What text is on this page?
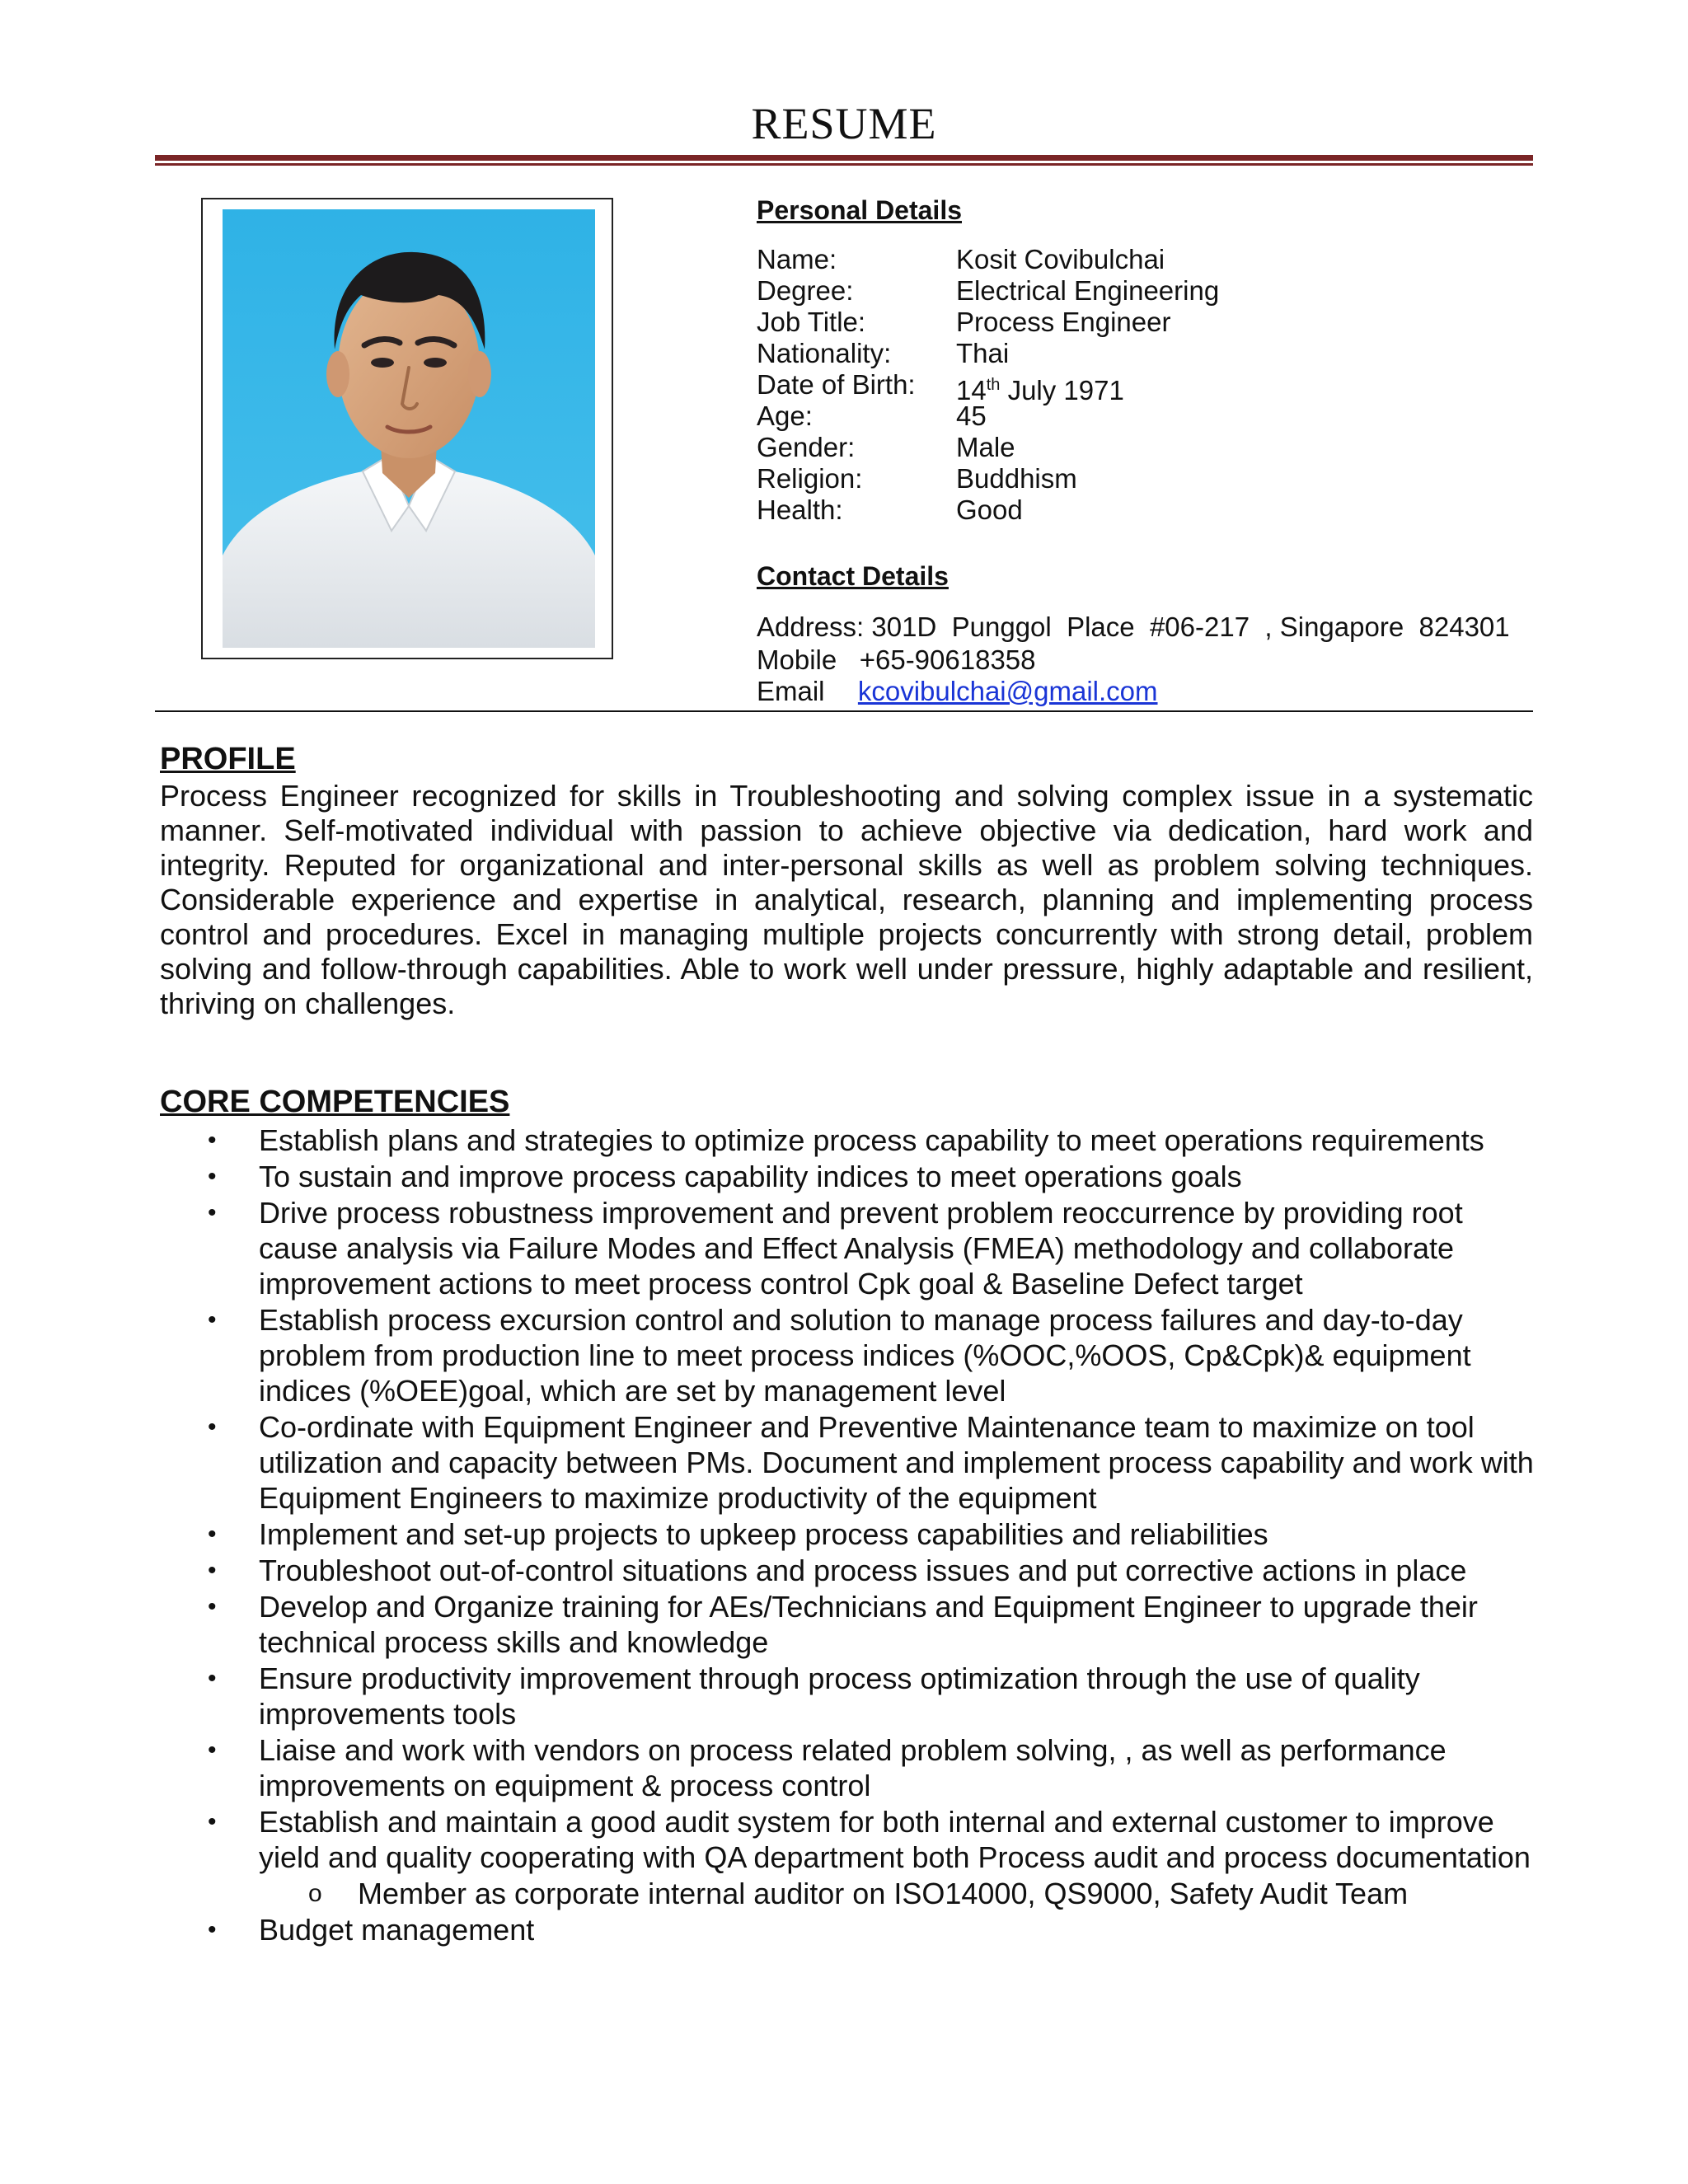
RESUME
Personal Details
Name:	Kosit Covibulchai
Degree:	Electrical Engineering
Job Title:	Process Engineer
Nationality: Thai
Date of Birth: 14th July 1971
Age:	45
Gender:	Male
Religion:	Buddhism
Health:	Good
Contact Details
Address: 301D  Punggol  Place  #06-217  , Singapore  824301
Mobile   +65-90618358
Email kcovibulchai@gmail.com
PROFILE
Process Engineer recognized for skills in Troubleshooting and solving complex issue in a systematic manner. Self-motivated individual with passion to achieve objective via dedication, hard work and integrity. Reputed for organizational and inter-personal skills as well as problem solving techniques. Considerable experience and expertise in analytical, research, planning and implementing process control and procedures. Excel in managing multiple projects concurrently with strong detail, problem solving and follow-through capabilities. Able to work well under pressure, highly adaptable and resilient, thriving on challenges.
CORE COMPETENCIES
• Establish plans and strategies to optimize process capability to meet operations requirements
• To sustain and improve process capability indices to meet operations goals
• Drive process robustness improvement and prevent problem reoccurrence by providing root cause analysis via Failure Modes and Effect Analysis (FMEA) methodology and collaborate improvement actions to meet process control Cpk goal & Baseline Defect target
• Establish process excursion control and solution to manage process failures and day-to-day problem from production line to meet process indices (%OOC,%OOS, Cp&Cpk)& equipment indices (%OEE)goal, which are set by management level
• Co-ordinate with Equipment Engineer and Preventive Maintenance team to maximize on tool utilization and capacity between PMs. Document and implement process capability and work with Equipment Engineers to maximize productivity of the equipment
• Implement and set-up projects to upkeep process capabilities and reliabilities
• Troubleshoot out-of-control situations and process issues and put corrective actions in place
• Develop and Organize training for AEs/Technicians and Equipment Engineer to upgrade their technical process skills and knowledge
• Ensure productivity improvement through process optimization through the use of quality improvements tools
• Liaise and work with vendors on process related problem solving, , as well as performance improvements on equipment & process control
• Establish and maintain a good audit system for both internal and external customer to improve yield and quality cooperating with QA department both Process audit and process documentation
o Member as corporate internal auditor on ISO14000, QS9000, Safety Audit Team
• Budget management
